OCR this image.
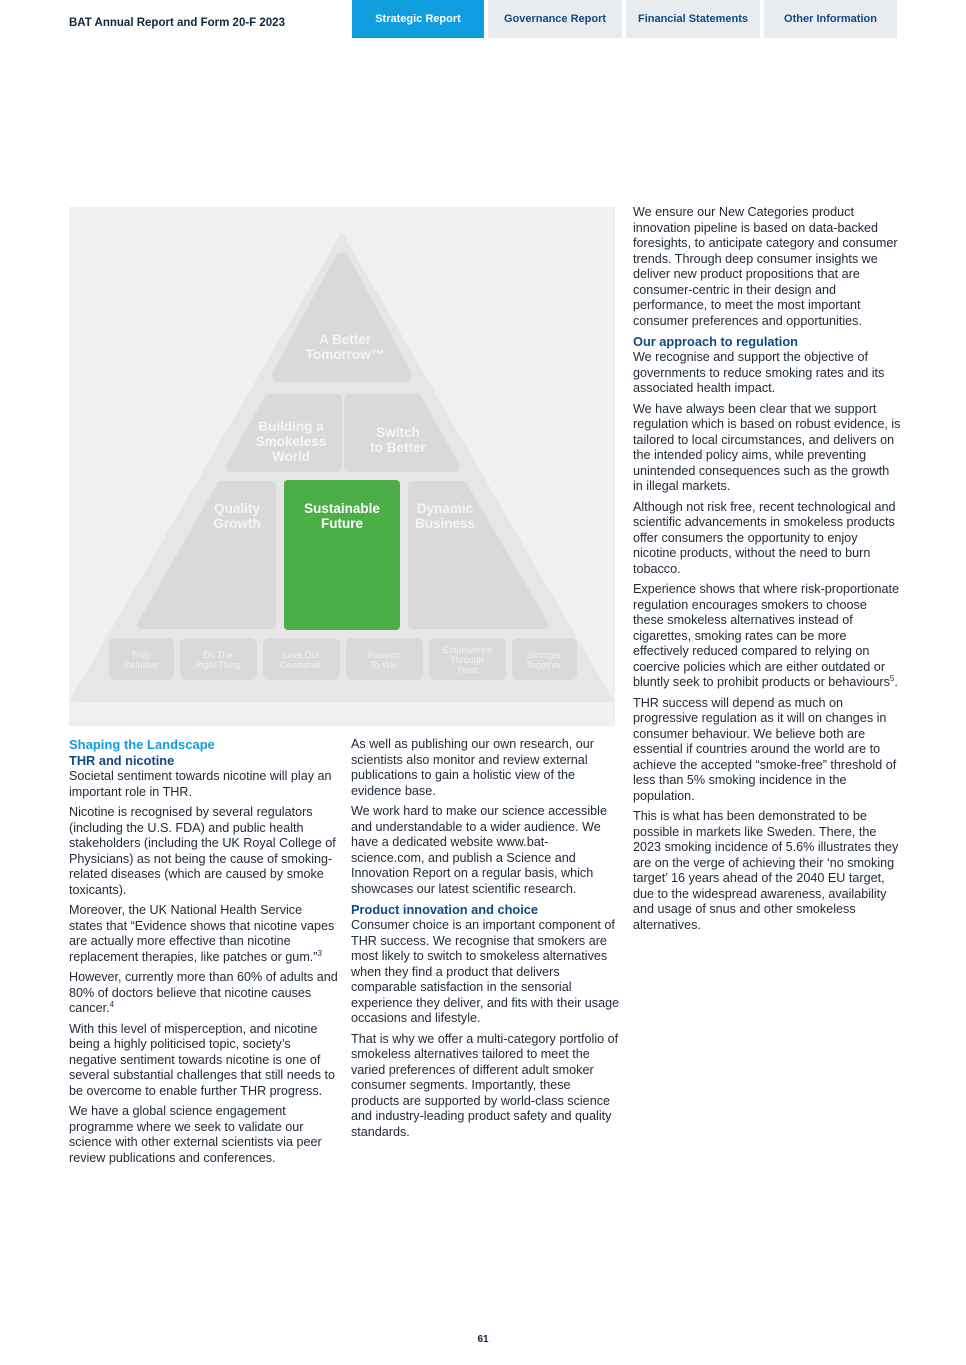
BAT Annual Report and Form 20-F 2023	Strategic Report	Governance Report	Financial Statements	Other Information
A Better
Tomorrow™
Building a
Smokeless
World
Switch
to Better
Quality
Growth
Sustainable
Future
Dynamic
Business
Truly
Inclusive
Do The
Right Thing
Love Our
Consumer
Passion
To Win
Empowered
Through
Trust
Stronger
Together
Shaping the Landscape
THR and nicotine

Societal sentiment towards nicotine will play an important role in THR.

Nicotine is recognised by several regulators (including the U.S. FDA) and public health stakeholders (including the UK Royal College of Physicians) as not being the cause of smoking-related diseases (which are caused by smoke toxicants).

Moreover, the UK National Health Service states that “Evidence shows that nicotine vapes are actually more effective than nicotine replacement therapies, like patches or gum.”$^3$

However, currently more than 60% of adults and 80% of doctors believe that nicotine causes cancer.$^4$

With this level of misperception, and nicotine being a highly politicised topic, society’s negative sentiment towards nicotine is one of several substantial challenges that still needs to be overcome to enable further THR progress.

We have a global science engagement programme where we seek to validate our science with other external scientists via peer review publications and conferences.

As well as publishing our own research, our scientists also monitor and review external publications to gain a holistic view of the evidence base.

We work hard to make our science accessible and understandable to a wider audience. We have a dedicated website www.bat-science.com, and publish a Science and Innovation Report on a regular basis, which showcases our latest scientific research.

Product innovation and choice

Consumer choice is an important component of THR success. We recognise that smokers are most likely to switch to smokeless alternatives when they find a product that delivers comparable satisfaction in the sensorial experience they deliver, and fits with their usage occasions and lifestyle.

That is why we offer a multi-category portfolio of smokeless alternatives tailored to meet the varied preferences of different adult smoker consumer segments. Importantly, these products are supported by world-class science and industry-leading product safety and quality standards.

We ensure our New Categories product innovation pipeline is based on data-backed foresights, to anticipate category and consumer trends. Through deep consumer insights we deliver new product propositions that are consumer-centric in their design and performance, to meet the most important consumer preferences and opportunities.

Our approach to regulation

We recognise and support the objective of governments to reduce smoking rates and its associated health impact.

We have always been clear that we support regulation which is based on robust evidence, is tailored to local circumstances, and delivers on the intended policy aims, while preventing unintended consequences such as the growth in illegal markets.

Although not risk free, recent technological and scientific advancements in smokeless products offer consumers the opportunity to enjoy nicotine products, without the need to burn tobacco.

Experience shows that where risk-proportionate regulation encourages smokers to choose these smokeless alternatives instead of cigarettes, smoking rates can be more effectively reduced compared to relying on coercive policies which are either outdated or bluntly seek to prohibit products or behaviours$^5$.

THR success will depend as much on progressive regulation as it will on changes in consumer behaviour. We believe both are essential if countries around the world are to achieve the accepted “smoke-free” threshold of less than 5% smoking incidence in the population.

This is what has been demonstrated to be possible in markets like Sweden. There, the 2023 smoking incidence of 5.6% illustrates they are on the verge of achieving their ‘no smoking target’ 16 years ahead of the 2040 EU target, due to the widespread awareness, availability and usage of snus and other smokeless alternatives.

61
